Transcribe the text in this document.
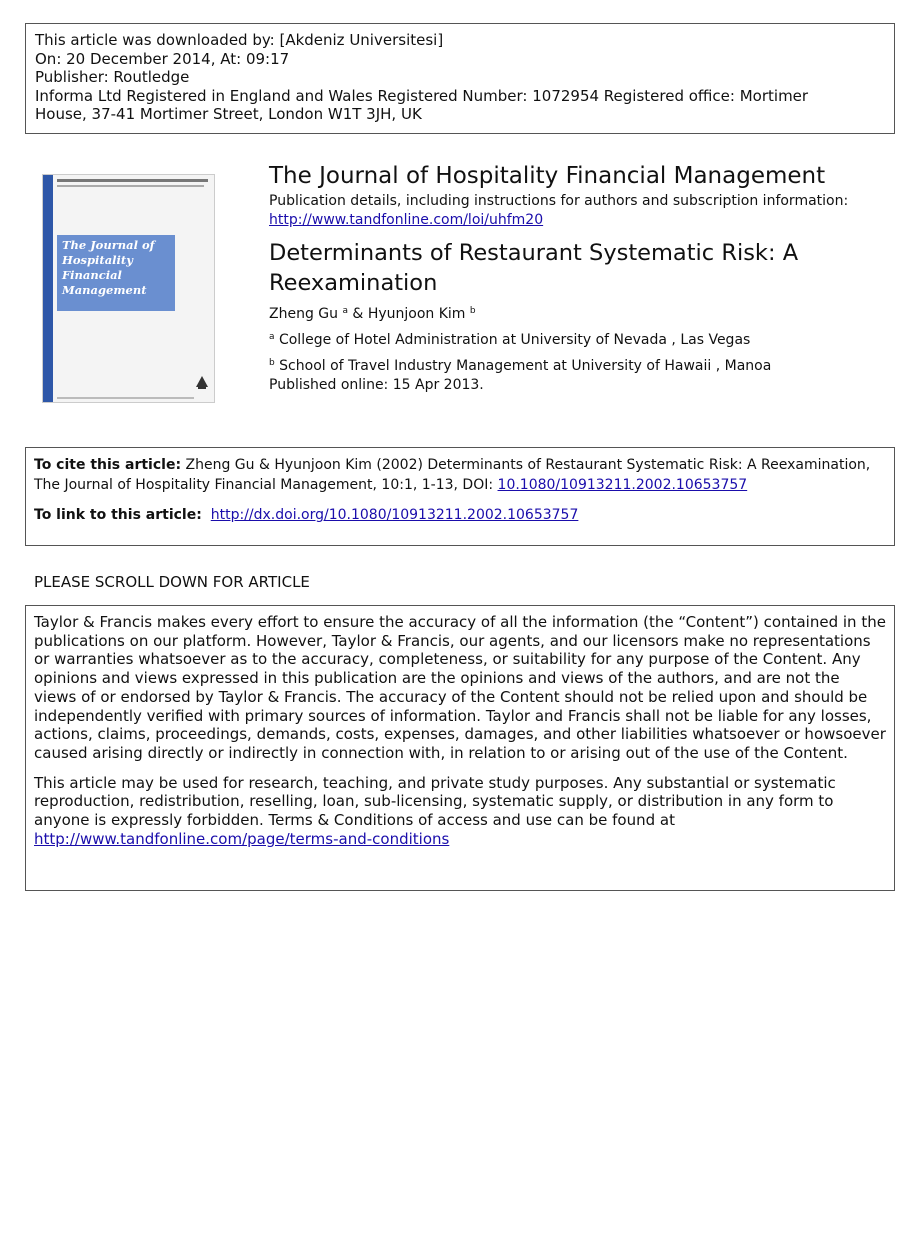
This article was downloaded by: [Akdeniz Universitesi]
On: 20 December 2014, At: 09:17
Publisher: Routledge
Informa Ltd Registered in England and Wales Registered Number: 1072954 Registered office: Mortimer
House, 37-41 Mortimer Street, London W1T 3JH, UK
The Journal of
Hospitality
Financial
Management
The Journal of Hospitality Financial Management
Publication details, including instructions for authors and subscription information:
http://www.tandfonline.com/loi/uhfm20
Determinants of Restaurant Systematic Risk: A
Reexamination
Zheng Gu $^a$ & Hyunjoon Kim $^b$
$^a$ College of Hotel Administration at University of Nevada , Las Vegas
$^b$ School of Travel Industry Management at University of Hawaii , Manoa
Published online: 15 Apr 2013.
To cite this article: Zheng Gu & Hyunjoon Kim (2002) Determinants of Restaurant Systematic Risk: A Reexamination, The Journal of Hospitality Financial Management, 10:1, 1-13, DOI: 10.1080/10913211.2002.10653757
To link to this article: http://dx.doi.org/10.1080/10913211.2002.10653757
PLEASE SCROLL DOWN FOR ARTICLE

Taylor & Francis makes every effort to ensure the accuracy of all the information (the “Content”) contained in the publications on our platform. However, Taylor & Francis, our agents, and our licensors make no representations or warranties whatsoever as to the accuracy, completeness, or suitability for any purpose of the Content. Any opinions and views expressed in this publication are the opinions and views of the authors, and are not the views of or endorsed by Taylor & Francis. The accuracy of the Content should not be relied upon and should be independently verified with primary sources of information. Taylor and Francis shall not be liable for any losses, actions, claims, proceedings, demands, costs, expenses, damages, and other liabilities whatsoever or howsoever caused arising directly or indirectly in connection with, in relation to or arising out of the use of the Content.

This article may be used for research, teaching, and private study purposes. Any substantial or systematic reproduction, redistribution, reselling, loan, sub-licensing, systematic supply, or distribution in any form to anyone is expressly forbidden. Terms & Conditions of access and use can be found at http://www.tandfonline.com/page/terms-and-conditions
